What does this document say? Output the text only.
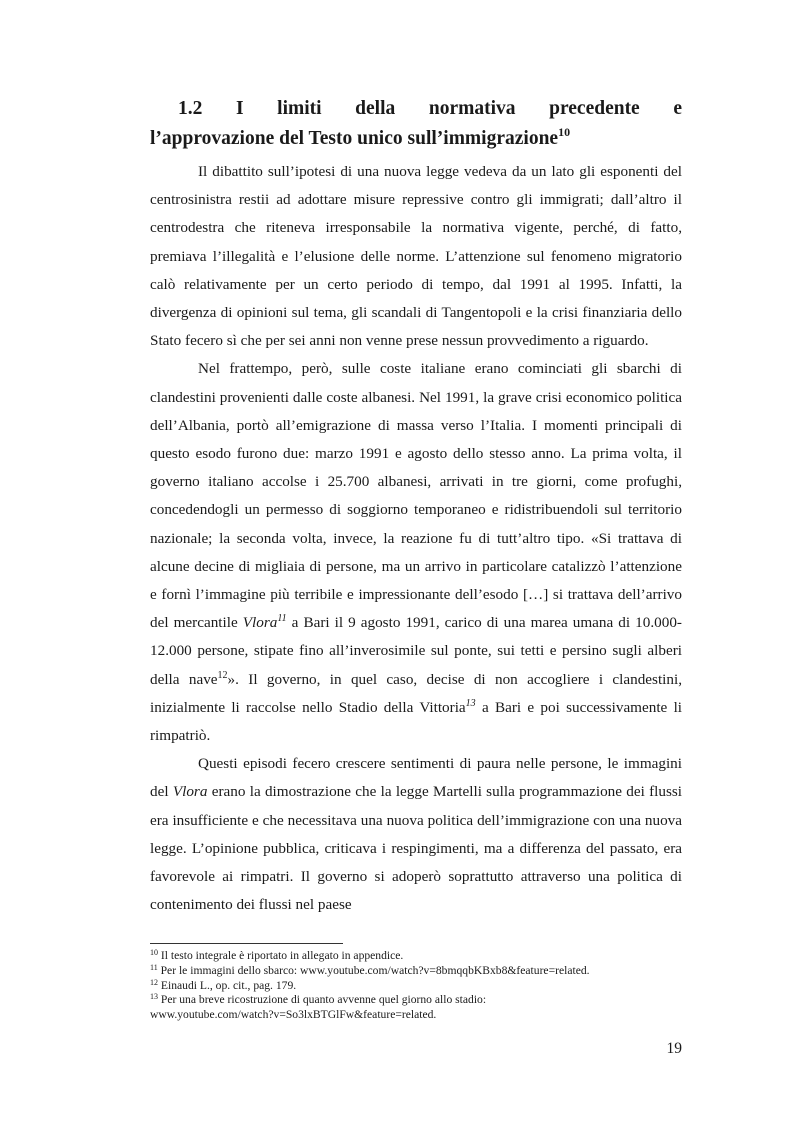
1.2 I limiti della normativa precedente e
l’approvazione del Testo unico sull’immigrazione$^{10}$

Il dibattito sull’ipotesi di una nuova legge vedeva da un lato gli esponenti del centrosinistra restii ad adottare misure repressive contro gli immigrati; dall’altro il centrodestra che riteneva irresponsabile la normativa vigente, perché, di fatto, premiava l’illegalità e l’elusione delle norme. L’attenzione sul fenomeno migratorio calò relativamente per un certo periodo di tempo, dal 1991 al 1995. Infatti, la divergenza di opinioni sul tema, gli scandali di Tangentopoli e la crisi finanziaria dello Stato fecero sì che per sei anni non venne prese nessun provvedimento a riguardo.

Nel frattempo, però, sulle coste italiane erano cominciati gli sbarchi di clandestini provenienti dalle coste albanesi. Nel 1991, la grave crisi economico politica dell’Albania, portò all’emigrazione di massa verso l’Italia. I momenti principali di questo esodo furono due: marzo 1991 e agosto dello stesso anno. La prima volta, il governo italiano accolse i 25.700 albanesi, arrivati in tre giorni, come profughi, concedendogli un permesso di soggiorno temporaneo e ridistribuendoli sul territorio nazionale; la seconda volta, invece, la reazione fu di tutt’altro tipo. «Si trattava di alcune decine di migliaia di persone, ma un arrivo in particolare catalizzò l’attenzione e fornì l’immagine più terribile e impressionante dell’esodo […] si trattava dell’arrivo del mercantile Vlora$^{11}$ a Bari il 9 agosto 1991, carico di una marea umana di 10.000-12.000 persone, stipate fino all’inverosimile sul ponte, sui tetti e persino sugli alberi della nave$^{12}$». Il governo, in quel caso, decise di non accogliere i clandestini, inizialmente li raccolse nello Stadio della Vittoria$^{13}$ a Bari e poi successivamente li rimpatriò.

Questi episodi fecero crescere sentimenti di paura nelle persone, le immagini del Vlora erano la dimostrazione che la legge Martelli sulla programmazione dei flussi era insufficiente e che necessitava una nuova politica dell’immigrazione con una nuova legge. L’opinione pubblica, criticava i respingimenti, ma a differenza del passato, era favorevole ai rimpatri. Il governo si adoperò soprattutto attraverso una politica di contenimento dei flussi nel paese

$^{10}$ Il testo integrale è riportato in allegato in appendice.
$^{11}$ Per le immagini dello sbarco: www.youtube.com/watch?v=8bmqqbKBxb8&feature=related.
$^{12}$ Einaudi L., op. cit., pag. 179.
$^{13}$ Per una breve ricostruzione di quanto avvenne quel giorno allo stadio:
www.youtube.com/watch?v=So3lxBTGlFw&feature=related.
19
